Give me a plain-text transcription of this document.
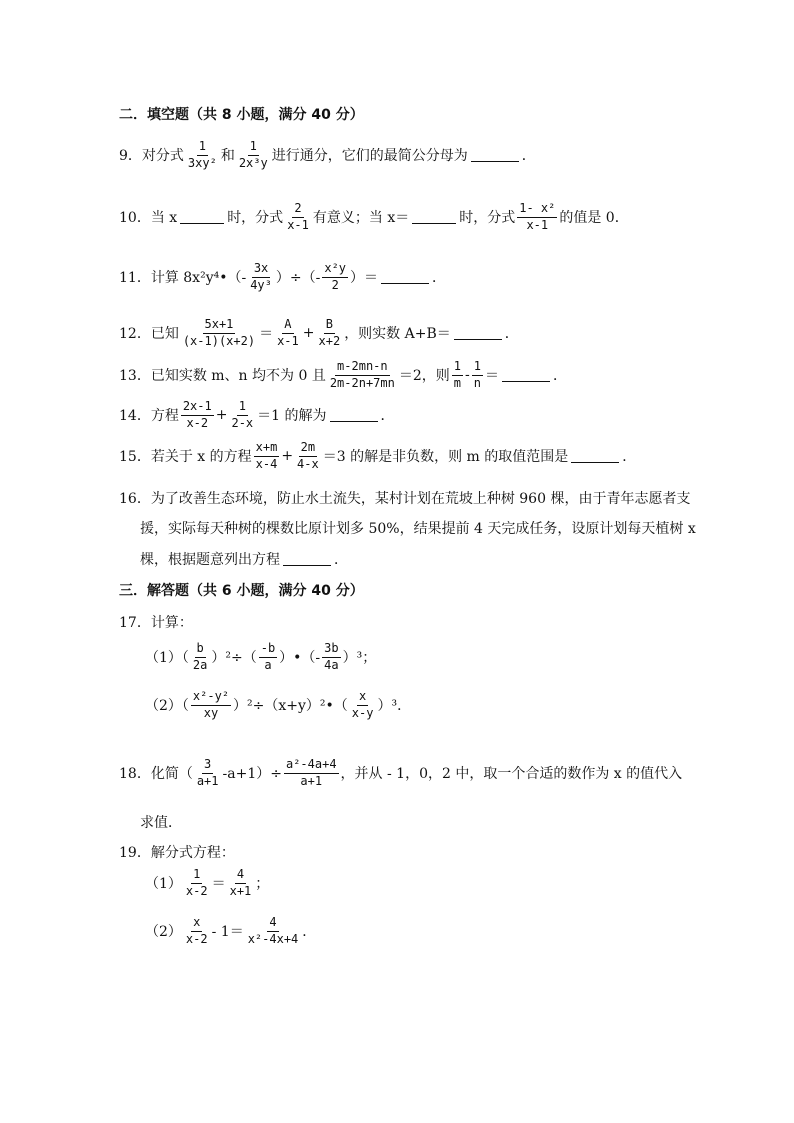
二．填空题（共 8 小题，满分 40 分）
9． 对分式 $\frac{1}{\text{3xy²}}$ 和 $\frac{1}{\text{2x³y}}$ 进行通分，它们的最简公分母为	．
10． 当 x	时，分式 $\frac{2}{x-1}$ 有意义；当 x＝	时，分式 $\frac{\text{1- x²}}{x-1}$ 的值是 0．
11． 计算 8x²y⁴•（- $\frac{3x}{\text{4y³}}$ ）÷（- $\frac{\text{x²y}}{2}$ ）＝	．
12． 已知 $\frac{5x+1}{(x-1)(x+2)} = \frac{A}{x-1} + \frac{B}{x+2}$ ，则实数 A+B＝	．
13． 已知实数 m、n 均不为 0 且 $\frac{m-2mn-n}{2m-2n+7mn} =2$，则 $\frac{1}{m} - \frac{1}{n}$ ＝	．
14． 方程 $\frac{2x-1}{x-2} + \frac{1}{2-x} =1$ 的解为	．
15． 若关于 x 的方程 $\frac{x+m}{x-4} + \frac{2m}{4-x} =3$ 的解是非负数，则 m 的取值范围是	．
16． 为了改善生态环境，防止水土流失，某村计划在荒坡上种树 960 棵，由于青年志愿者支
援，实际每天种树的棵数比原计划多 50%，结果提前 4 天完成任务，设原计划每天植树 x
棵，根据题意列出方程	．
三．解答题（共 6 小题，满分 40 分）
17． 计算：
$(1)( \frac{b}{2a} )^2\div( \frac{-b}{a}$ ）•（- $\frac{3b}{4a} )^3$；
$(2)( \frac{\text{x²-y²}}{xy}$ ）²÷（x+y）²•（ $\frac{x}{x-y} )^3$．
18． 化简（ $\frac{3}{a+1} -a+1)\div \frac{\text{a²-4a+4}}{a+1}$ ，并从 - 1，0，2 中，取一个合适的数作为 x 的值代入
求值．
19． 解分式方程：
$(1) \frac{1}{x-2} = \frac{4}{x+1}$ ；
$(2) \frac{x}{x-2} - 1= \frac{4}{\text{x²-4x+4}}$ ．
